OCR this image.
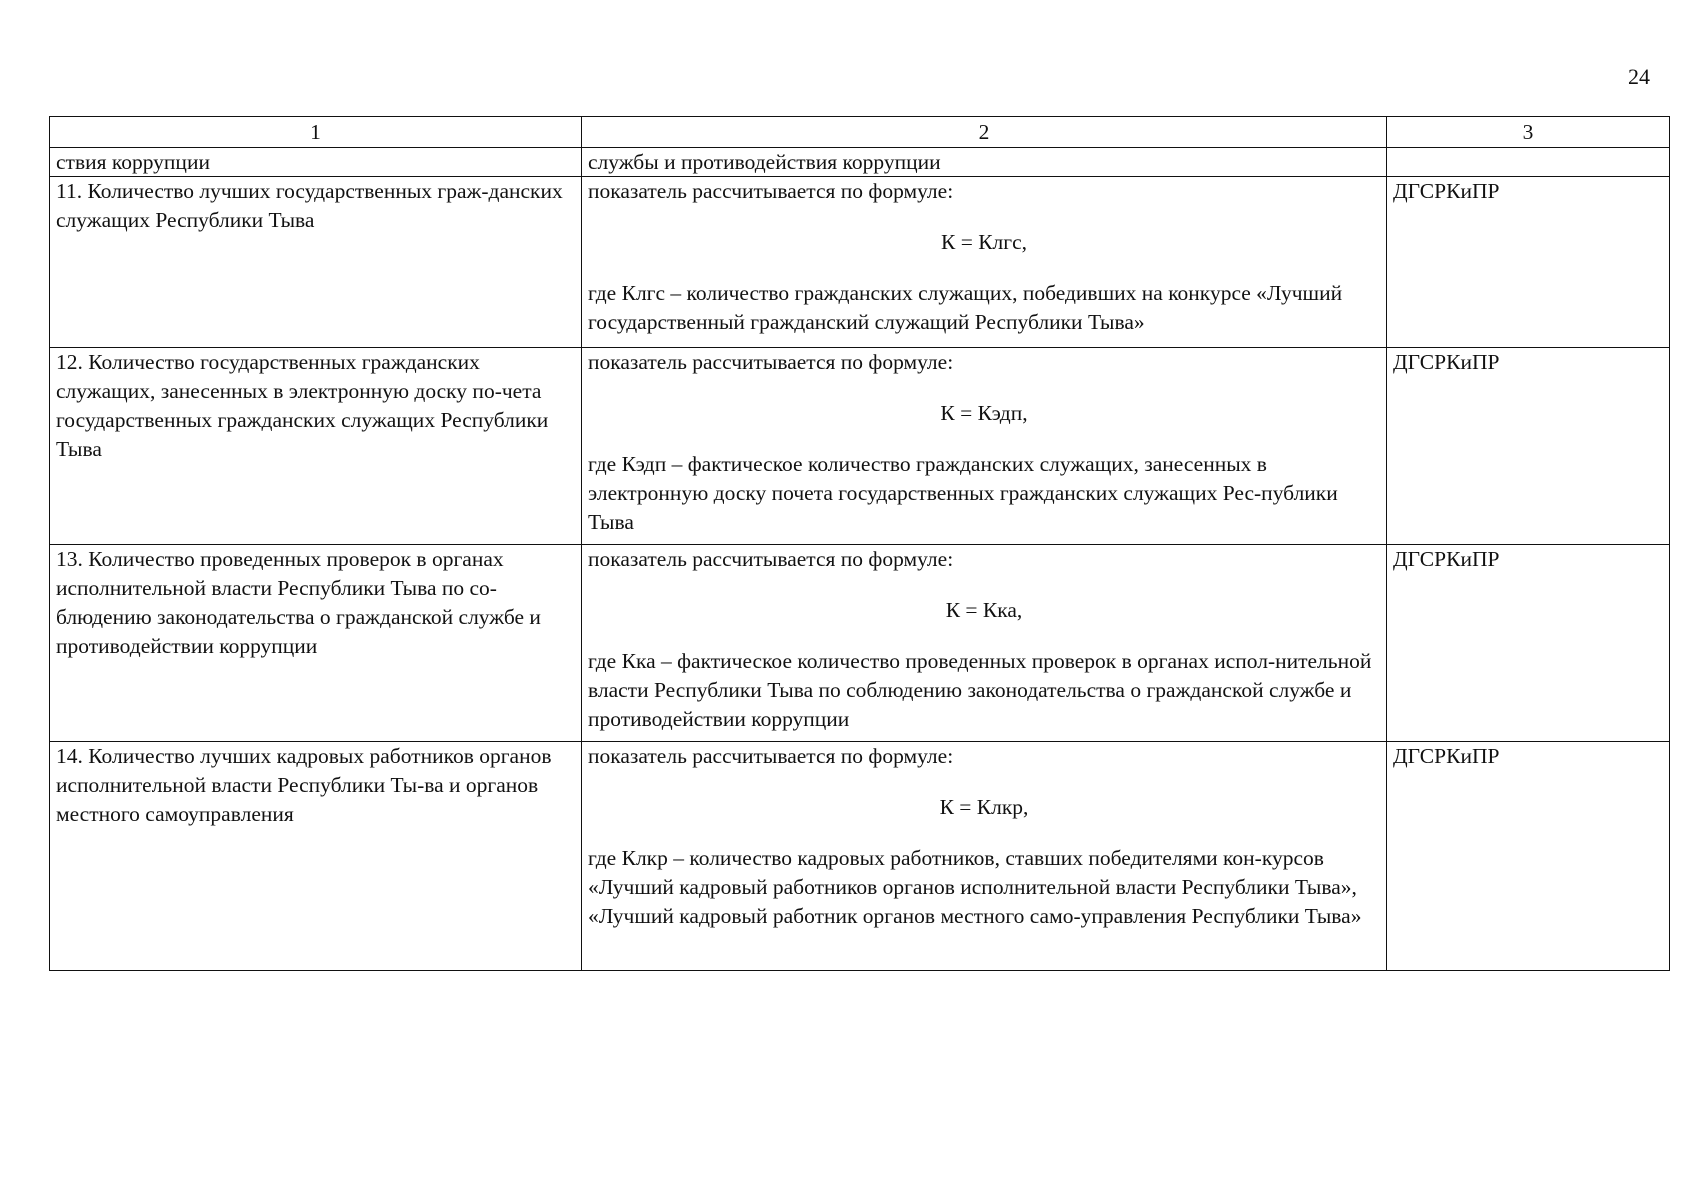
24
1	2	3
ствия коррупции	службы и противодействия коррупции	
11. Количество лучших государственных граж-данских служащих Республики Тыва	показатель рассчитывается по формуле:
К = Клгс,
где Клгс – количество гражданских служащих, победивших на конкурсе «Лучший государственный гражданский служащий Республики Тыва»	ДГСРКиПР
12. Количество государственных гражданских служащих, занесенных в электронную доску по-чета государственных гражданских служащих Республики Тыва	показатель рассчитывается по формуле:
К = Кэдп,
где Кэдп – фактическое количество гражданских служащих, занесенных в электронную доску почета государственных гражданских служащих Рес-публики Тыва	ДГСРКиПР
13. Количество проведенных проверок в органах исполнительной власти Республики Тыва по со-блюдению законодательства о гражданской службе и противодействии коррупции	показатель рассчитывается по формуле:
К = Кка,
где Кка – фактическое количество проведенных проверок в органах испол-нительной власти Республики Тыва по соблюдению законодательства о гражданской службе и противодействии коррупции	ДГСРКиПР
14. Количество лучших кадровых работников органов исполнительной власти Республики Ты-ва и органов местного самоуправления	показатель рассчитывается по формуле:
К = Клкр,
где Клкр – количество кадровых работников, ставших победителями кон-курсов «Лучший кадровый работников органов исполнительной власти Республики Тыва», «Лучший кадровый работник органов местного само-управления Республики Тыва»	ДГСРКиПР
